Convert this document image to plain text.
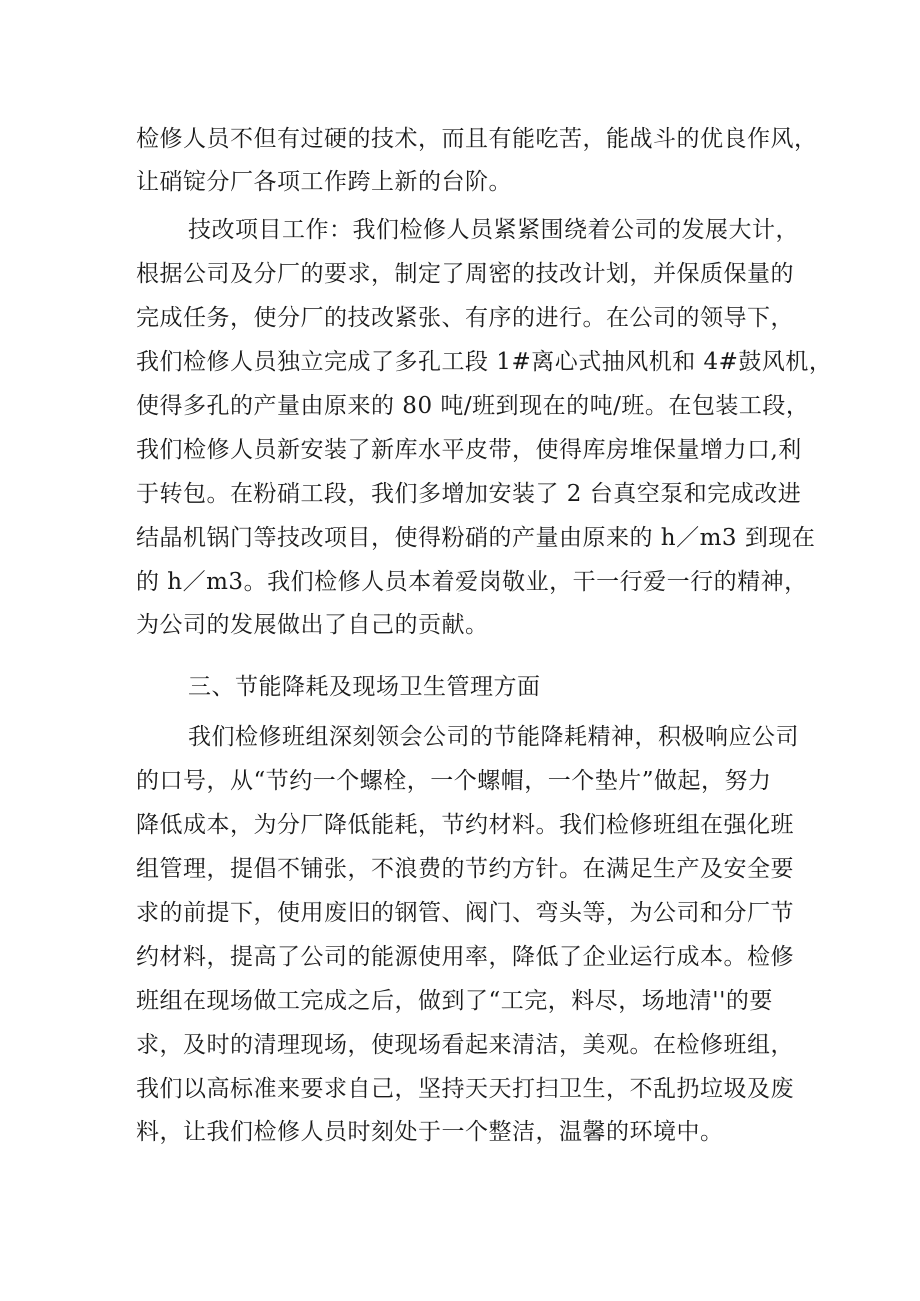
检修人员不但有过硬的技术，而且有能吃苦，能战斗的优良作风，
让硝锭分厂各项工作跨上新的台阶。
技改项目工作：我们检修人员紧紧围绕着公司的发展大计，
根据公司及分厂的要求，制定了周密的技改计划，并保质保量的
完成任务，使分厂的技改紧张、有序的进行。在公司的领导下，
我们检修人员独立完成了多孔工段 1#离心式抽风机和 4#鼓风机，
使得多孔的产量由原来的 80 吨/班到现在的吨/班。在包装工段，
我们检修人员新安装了新库水平皮带，使得库房堆保量增力口,利
于转包。在粉硝工段，我们多增加安装了 2 台真空泵和完成改进
结晶机锅门等技改项目，使得粉硝的产量由原来的 h／m3 到现在
的 h／m3。我们检修人员本着爱岗敬业，干一行爱一行的精神，
为公司的发展做出了自己的贡献。
三、节能降耗及现场卫生管理方面
我们检修班组深刻领会公司的节能降耗精神，积极响应公司
的口号，从“节约一个螺栓，一个螺帽，一个垫片”做起，努力
降低成本，为分厂降低能耗，节约材料。我们检修班组在强化班
组管理，提倡不铺张，不浪费的节约方针。在满足生产及安全要
求的前提下，使用废旧的钢管、阀门、弯头等，为公司和分厂节
约材料，提高了公司的能源使用率，降低了企业运行成本。检修
班组在现场做工完成之后，做到了“工完，料尽，场地清''的要
求，及时的清理现场，使现场看起来清洁，美观。在检修班组，
我们以高标准来要求自己，坚持天天打扫卫生，不乱扔垃圾及废
料，让我们检修人员时刻处于一个整洁，温馨的环境中。
